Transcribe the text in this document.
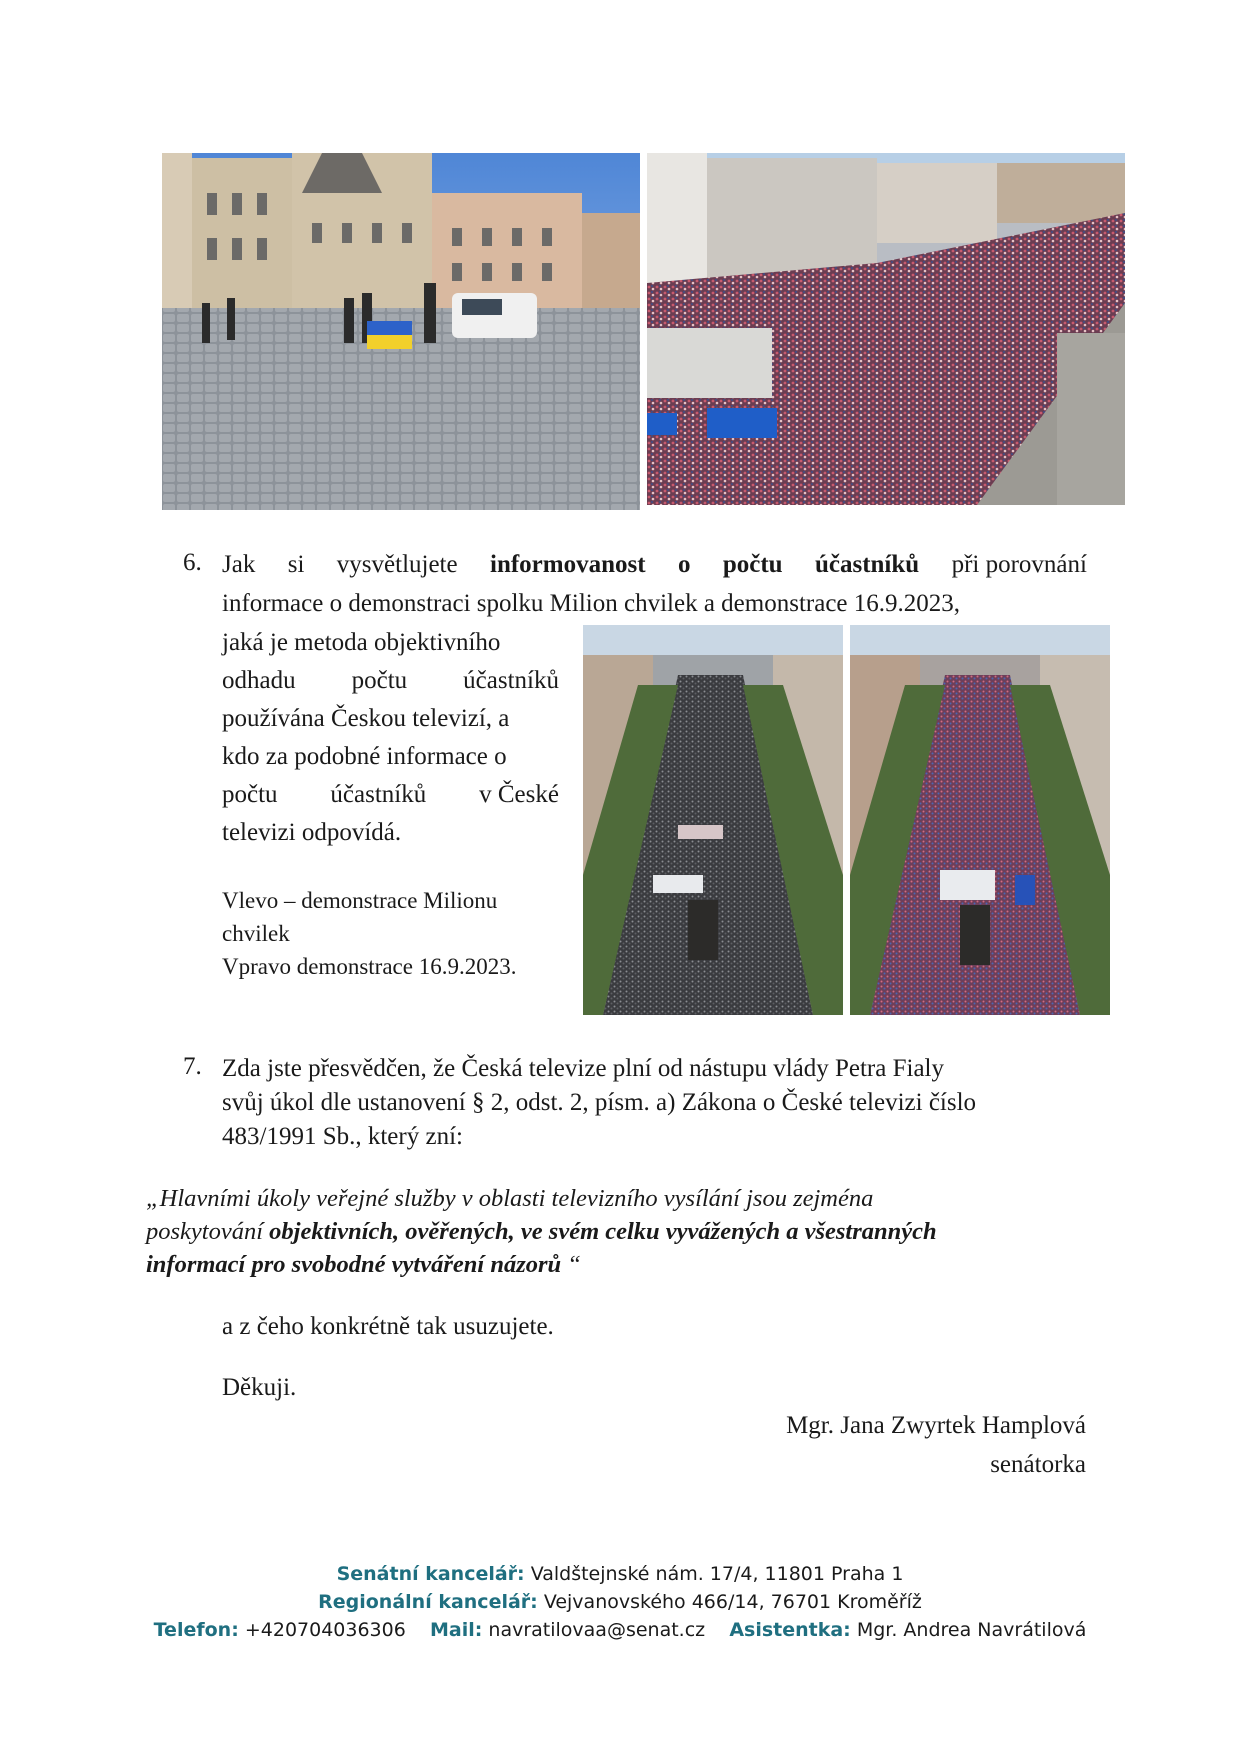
6. Jak si vysvětlujete informovanost o počtu účastníků při porovnání
informace o demonstraci spolku Milion chvilek a demonstrace 16.9.2023,
jaká je metoda objektivního
odhadu počtu účastníků
používána Českou televizí, a
kdo za podobné informace o
počtu účastníků v České
televizi odpovídá.
Vlevo – demonstrace Milionu
chvilek
Vpravo demonstrace 16.9.2023.
7. Zda jste přesvědčen, že Česká televize plní od nástupu vlády Petra Fialy
svůj úkol dle ustanovení § 2, odst. 2, písm. a) Zákona o České televizi číslo
483/1991 Sb., který zní:
„Hlavními úkoly veřejné služby v oblasti televizního vysílání jsou zejména
poskytování objektivních, ověřených, ve svém celku vyvážených a všestranných
informací pro svobodné vytváření názorů “
a z čeho konkrétně tak usuzujete.
Děkuji.
Mgr. Jana Zwyrtek Hamplová
senátorka
Senátní kancelář: Valdštejnské nám. 17/4, 11801 Praha 1
Regionální kancelář: Vejvanovského 466/14, 76701 Kroměříž
Telefon: +420704036306 Mail: navratilovaa@senat.cz Asistentka: Mgr. Andrea Navrátilová
